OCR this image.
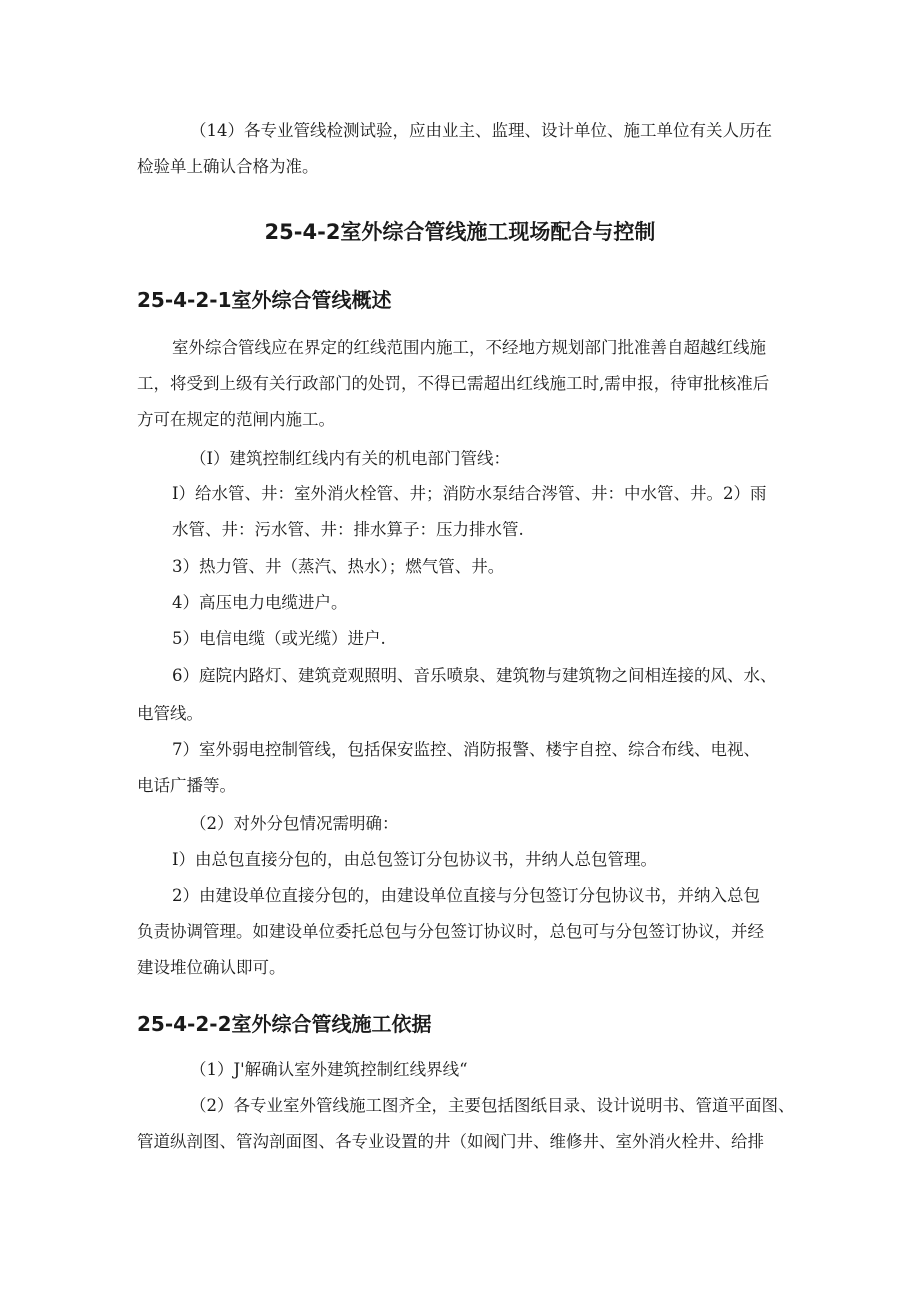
（14）各专业管线检测试验，应由业主、监理、设计单位、施工单位有关人历在
检验单上确认合格为准。
25-4-2室外综合管线施工现场配合与控制
25-4-2-1室外综合管线概述
室外综合管线应在界定的红线范围内施工，不经地方规划部门批准善自超越红线施
工，将受到上级有关行政部门的处罚，不得已需超出红线施工时,需申报，待审批核准后
方可在规定的范闸内施工。
（I）建筑控制红线内有关的机电部门管线：
I）给水管、井：室外消火栓管、井；消防水泵结合涔管、井：中水管、井。2）雨
水管、井：污水管、井：排水算子：压力排水管.
3）热力管、井（蒸汽、热水）；燃气管、井。
4）高压电力电缆进户。
5）电信电缆（或光缆）进户.
6）庭院内路灯、建筑竞观照明、音乐喷泉、建筑物与建筑物之间相连接的风、水、
电管线。
7）室外弱电控制管线，包括保安监控、消防报警、楼宇自控、综合布线、电视、
电话广播等。
（2）对外分包情况需明确：
I）由总包直接分包的，由总包签订分包协议书，井纳人总包管理。
2）由建设单位直接分包的，由建设单位直接与分包签订分包协议书，并纳入总包
负责协调管理。如建设单位委托总包与分包签订协议时，总包可与分包签订协议，并经
建设堆位确认即可。
25-4-2-2室外综合管线施工依据
（1）J'解确认室外建筑控制红线界线“
（2）各专业室外管线施工图齐全，主要包括图纸目录、设计说明书、管道平面图、
管道纵剖图、管沟剖面图、各专业设置的井（如阀门井、维修井、室外消火栓井、给排
